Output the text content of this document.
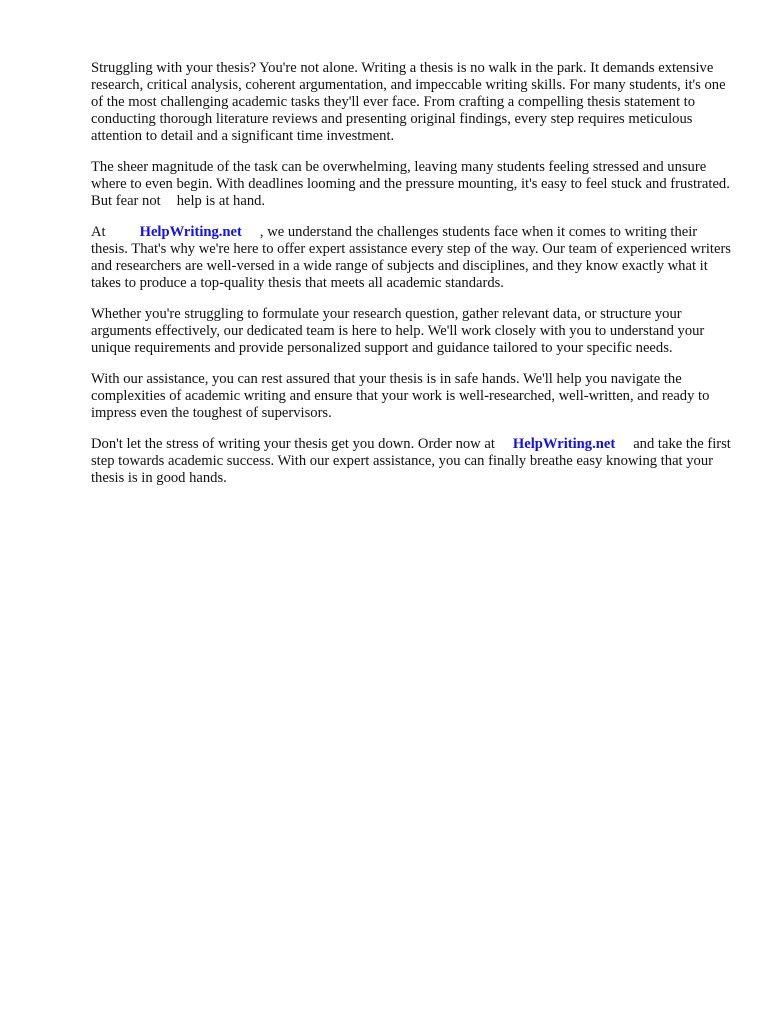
Struggling with your thesis? You're not alone. Writing a thesis is no walk in the park. It demands extensive research, critical analysis, coherent argumentation, and impeccable writing skills. For many students, it's one of the most challenging academic tasks they'll ever face. From crafting a compelling thesis statement to conducting thorough literature reviews and presenting original findings, every step requires meticulous attention to detail and a significant time investment.

The sheer magnitude of the task can be overwhelming, leaving many students feeling stressed and unsure where to even begin. With deadlines looming and the pressure mounting, it's easy to feel stuck and frustrated. But fear not help is at hand.

At HelpWriting.net , we understand the challenges students face when it comes to writing their thesis. That's why we're here to offer expert assistance every step of the way. Our team of experienced writers and researchers are well-versed in a wide range of subjects and disciplines, and they know exactly what it takes to produce a top-quality thesis that meets all academic standards.

Whether you're struggling to formulate your research question, gather relevant data, or structure your arguments effectively, our dedicated team is here to help. We'll work closely with you to understand your unique requirements and provide personalized support and guidance tailored to your specific needs.

With our assistance, you can rest assured that your thesis is in safe hands. We'll help you navigate the complexities of academic writing and ensure that your work is well-researched, well-written, and ready to impress even the toughest of supervisors.

Don't let the stress of writing your thesis get you down. Order now at HelpWriting.net and take the first step towards academic success. With our expert assistance, you can finally breathe easy knowing that your thesis is in good hands.
